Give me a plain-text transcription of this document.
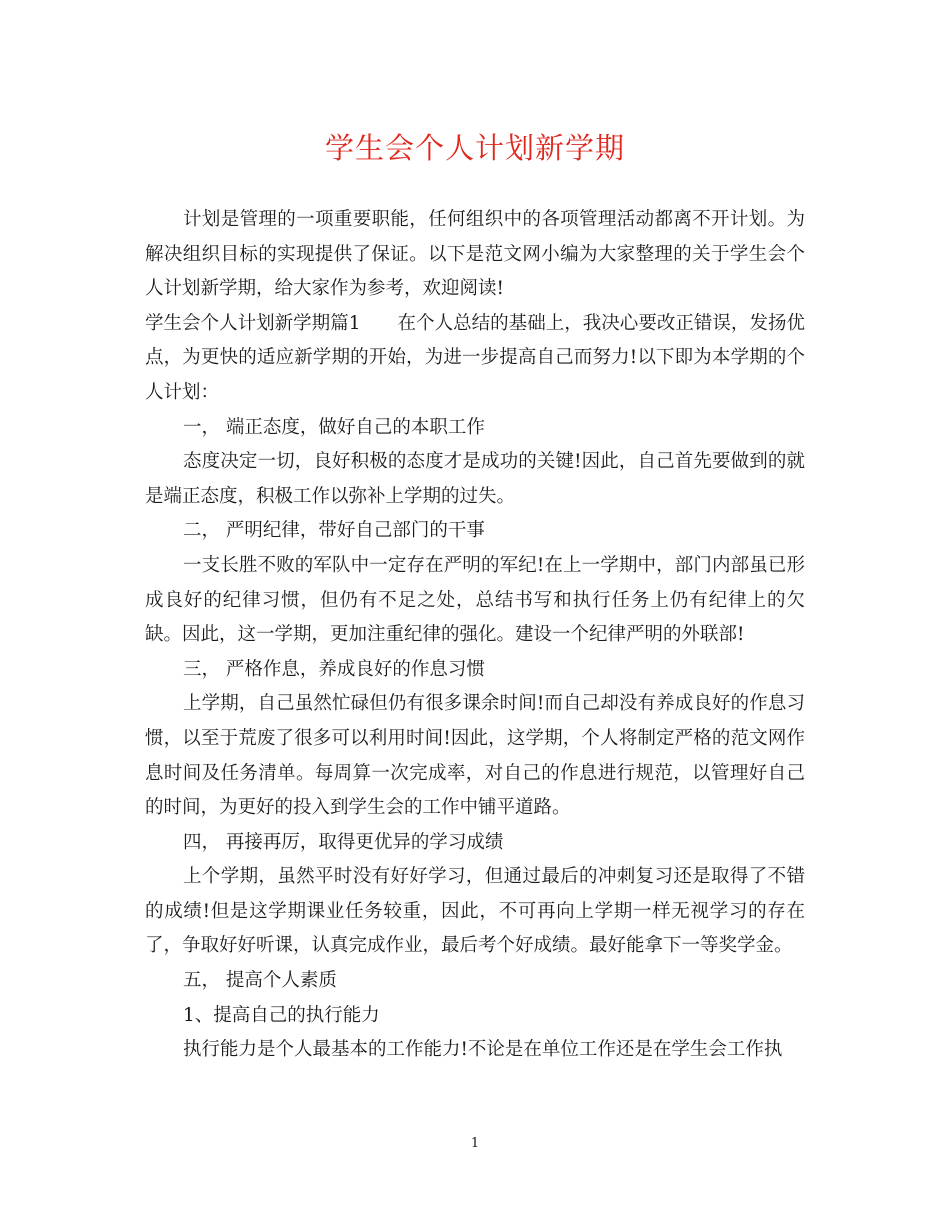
学生会个人计划新学期

计划是管理的一项重要职能，任何组织中的各项管理活动都离不开计划。为解决组织目标的实现提供了保证。以下是范文网小编为大家整理的关于学生会个人计划新学期，给大家作为参考，欢迎阅读!

学生会个人计划新学期篇1　　在个人总结的基础上，我决心要改正错误，发扬优点，为更快的适应新学期的开始，为进一步提高自己而努力!以下即为本学期的个人计划：

一， 端正态度，做好自己的本职工作

态度决定一切，良好积极的态度才是成功的关键!因此，自己首先要做到的就是端正态度，积极工作以弥补上学期的过失。

二， 严明纪律，带好自己部门的干事

一支长胜不败的军队中一定存在严明的军纪!在上一学期中，部门内部虽已形成良好的纪律习惯，但仍有不足之处，总结书写和执行任务上仍有纪律上的欠缺。因此，这一学期，更加注重纪律的强化。建设一个纪律严明的外联部!

三， 严格作息，养成良好的作息习惯

上学期，自己虽然忙碌但仍有很多课余时间!而自己却没有养成良好的作息习惯，以至于荒废了很多可以利用时间!因此，这学期，个人将制定严格的范文网作息时间及任务清单。每周算一次完成率，对自己的作息进行规范，以管理好自己的时间，为更好的投入到学生会的工作中铺平道路。

四， 再接再厉，取得更优异的学习成绩

上个学期，虽然平时没有好好学习，但通过最后的冲刺复习还是取得了不错的成绩!但是这学期课业任务较重，因此，不可再向上学期一样无视学习的存在了，争取好好听课，认真完成作业，最后考个好成绩。最好能拿下一等奖学金。

五， 提高个人素质

1、提高自己的执行能力

执行能力是个人最基本的工作能力!不论是在单位工作还是在学生会工作执

1
